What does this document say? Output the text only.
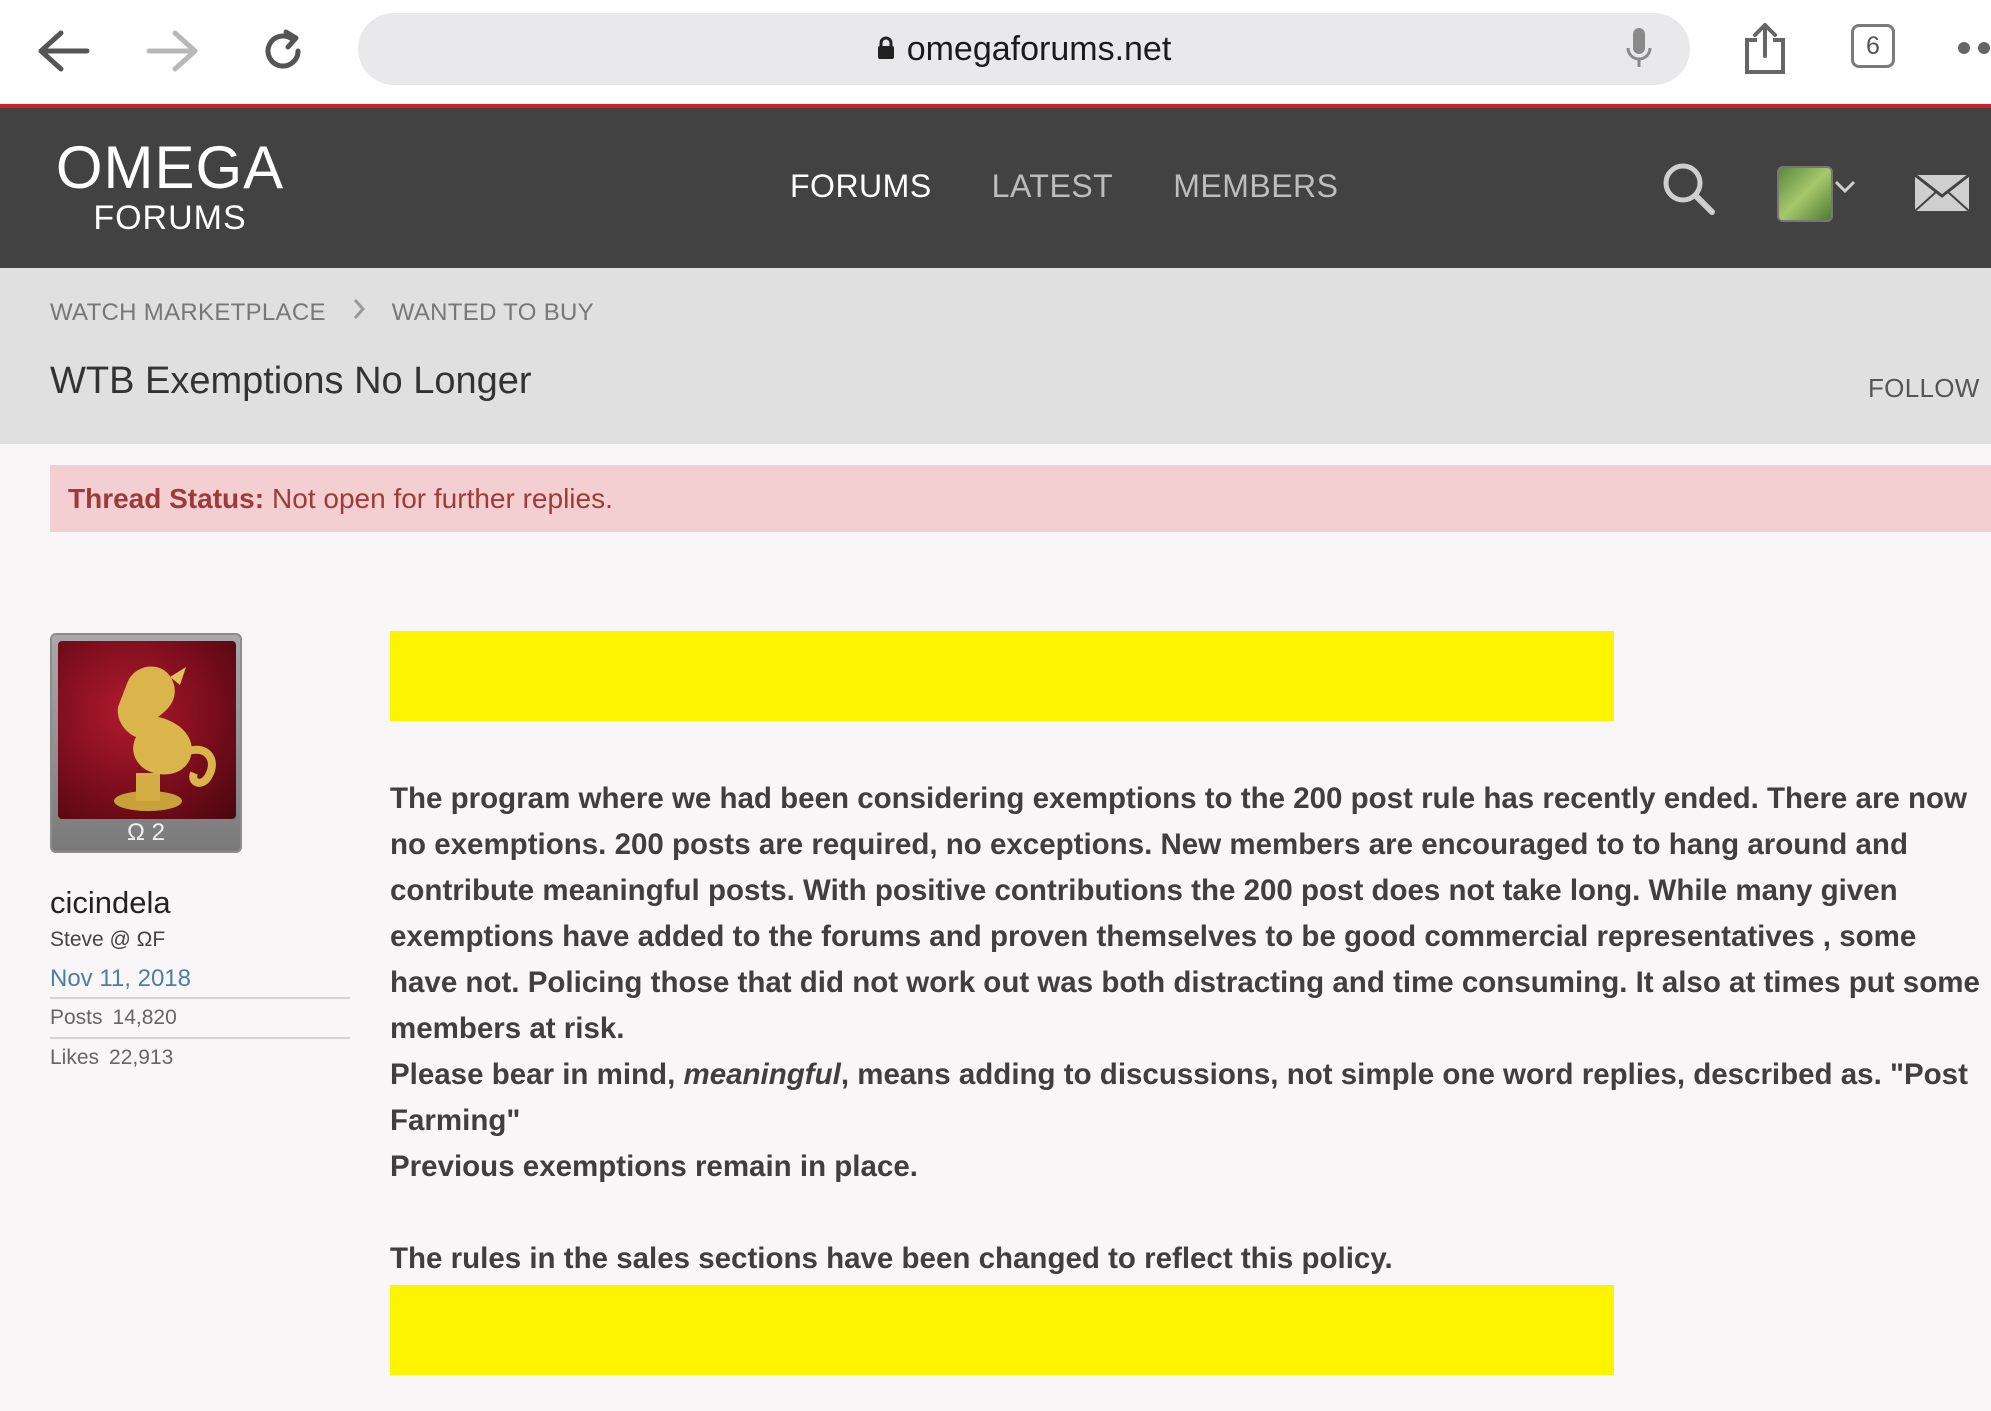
omegaforums.net	6
OMEGA
FORUMS
FORUMS LATEST MEMBERS
WATCH MARKETPLACE	WANTED TO BUY
WTB Exemptions No Longer	FOLLOW
Thread Status: Not open for further replies.
Ω 2
cicindela
Steve @ ΩF
Nov 11, 2018
Posts 14,820
Likes 22,913

The program where we had been considering exemptions to the 200 post rule has recently ended. There are now no exemptions. 200 posts are required, no exceptions. New members are encouraged to to hang around and contribute meaningful posts. With positive contributions the 200 post does not take long. While many given exemptions have added to the forums and proven themselves to be good commercial representatives , some have not. Policing those that did not work out was both distracting and time consuming. It also at times put some members at risk.

Please bear in mind, meaningful, means adding to discussions, not simple one word replies, described as. "Post Farming"

Previous exemptions remain in place.

The rules in the sales sections have been changed to reflect this policy.
